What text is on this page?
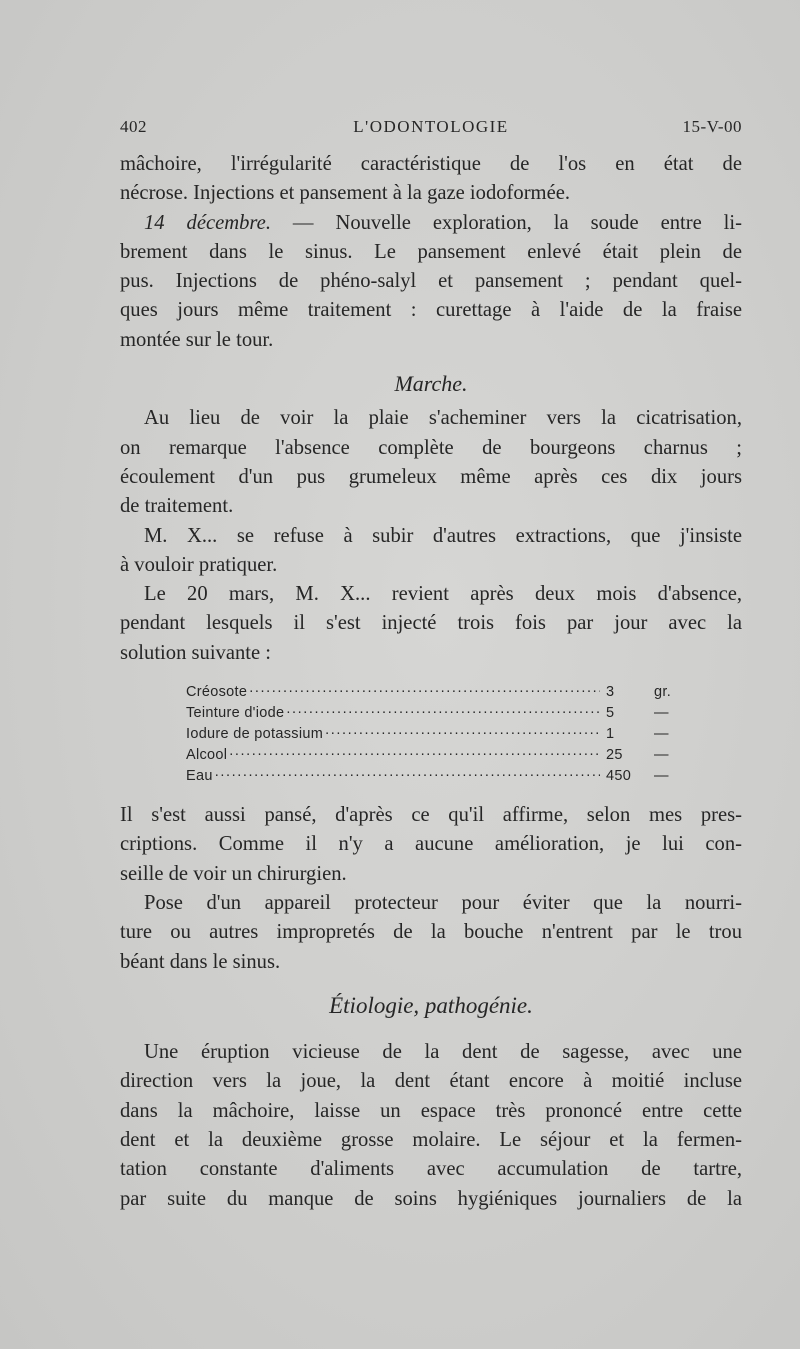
402	L'ODONTOLOGIE	15-V-00
mâchoire, l'irrégularité caractéristique de l'os en état de
nécrose. Injections et pansement à la gaze iodoformée.
14 décembre. — Nouvelle exploration, la soude entre li-
brement dans le sinus. Le pansement enlevé était plein de
pus. Injections de phéno-salyl et pansement ; pendant quel-
ques jours même traitement : curettage à l'aide de la fraise
montée sur le tour.
Marche.
Au lieu de voir la plaie s'acheminer vers la cicatrisation,
on remarque l'absence complète de bourgeons charnus ;
écoulement d'un pus grumeleux même après ces dix jours
de traitement.
M. X... se refuse à subir d'autres extractions, que j'insiste
à vouloir pratiquer.
Le 20 mars, M. X... revient après deux mois d'absence,
pendant lesquels il s'est injecté trois fois par jour avec la
solution suivante :
Créosote .....	3	gr.
Teinture d'iode .....	5	—
Iodure de potassium .....	1	—
Alcool .....	25	—
Eau .....	450	—
Il s'est aussi pansé, d'après ce qu'il affirme, selon mes pres-
criptions. Comme il n'y a aucune amélioration, je lui con-
seille de voir un chirurgien.
Pose d'un appareil protecteur pour éviter que la nourri-
ture ou autres impropretés de la bouche n'entrent par le trou
béant dans le sinus.
Étiologie, pathogénie.
Une éruption vicieuse de la dent de sagesse, avec une
direction vers la joue, la dent étant encore à moitié incluse
dans la mâchoire, laisse un espace très prononcé entre cette
dent et la deuxième grosse molaire. Le séjour et la fermen-
tation constante d'aliments avec accumulation de tartre,
par suite du manque de soins hygiéniques journaliers de la
